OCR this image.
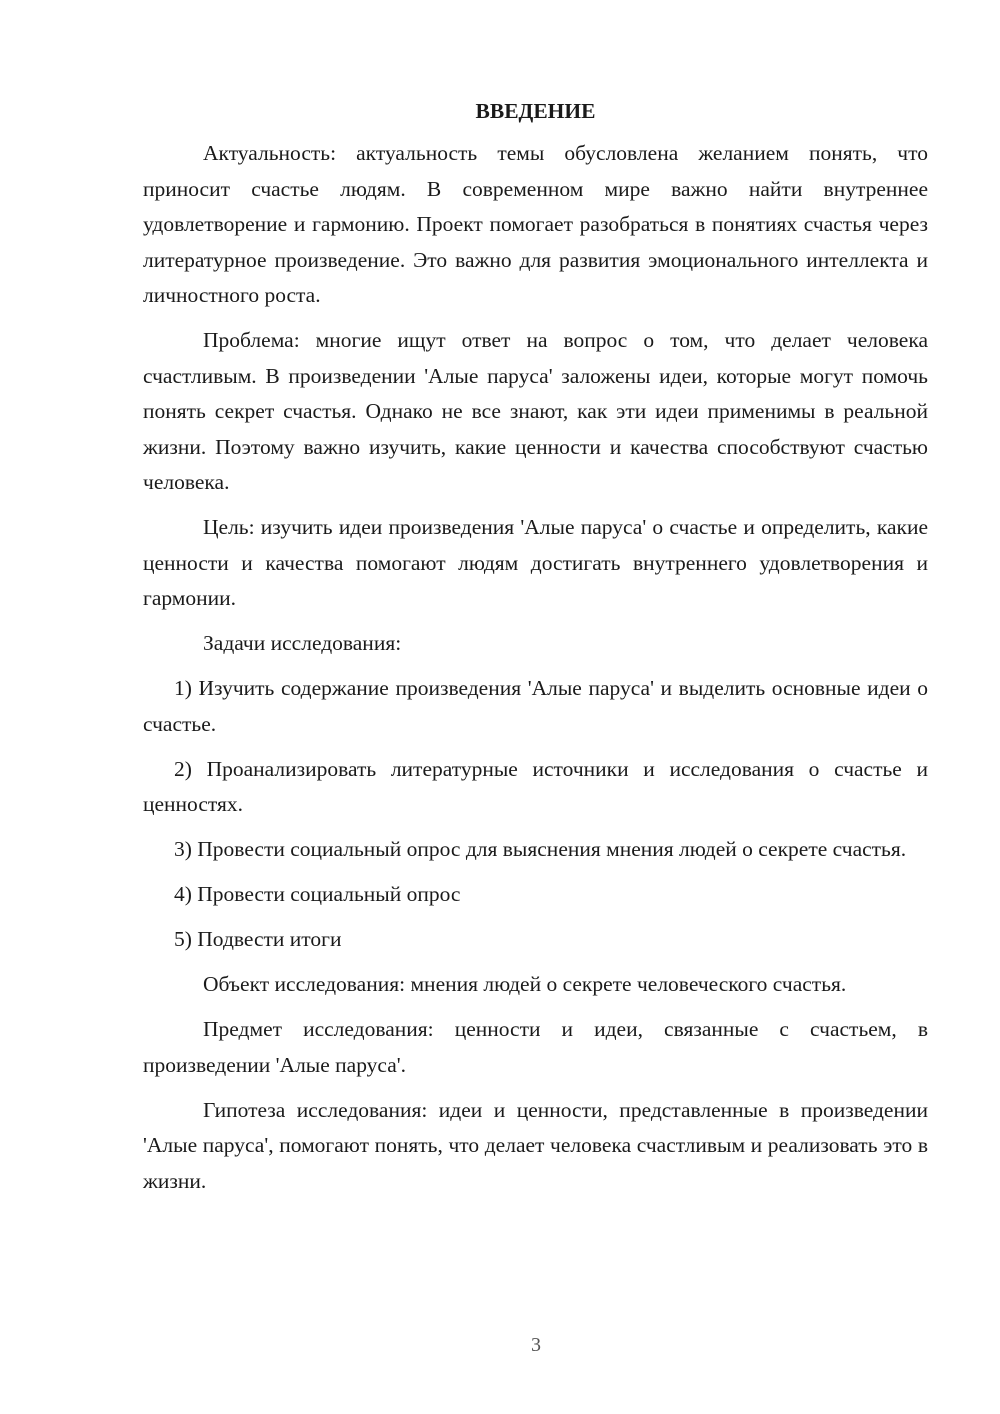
ВВЕДЕНИЕ

Актуальность: актуальность темы обусловлена желанием понять, что приносит счастье людям. В современном мире важно найти внутреннее удовлетворение и гармонию. Проект помогает разобраться в понятиях счастья через литературное произведение. Это важно для развития эмоционального интеллекта и личностного роста.

Проблема: многие ищут ответ на вопрос о том, что делает человека счастливым. В произведении 'Алые паруса' заложены идеи, которые могут помочь понять секрет счастья. Однако не все знают, как эти идеи применимы в реальной жизни. Поэтому важно изучить, какие ценности и качества способствуют счастью человека.

Цель: изучить идеи произведения 'Алые паруса' о счастье и определить, какие ценности и качества помогают людям достигать внутреннего удовлетворения и гармонии.

Задачи исследования:

1) Изучить содержание произведения 'Алые паруса' и выделить основные идеи о счастье.

2) Проанализировать литературные источники и исследования о счастье и ценностях.

3) Провести социальный опрос для выяснения мнения людей о секрете счастья.

4) Провести социальный опрос

5) Подвести итоги

Объект исследования: мнения людей о секрете человеческого счастья.

Предмет исследования: ценности и идеи, связанные с счастьем, в произведении 'Алые паруса'.

Гипотеза исследования: идеи и ценности, представленные в произведении 'Алые паруса', помогают понять, что делает человека счастливым и реализовать это в жизни.

3
